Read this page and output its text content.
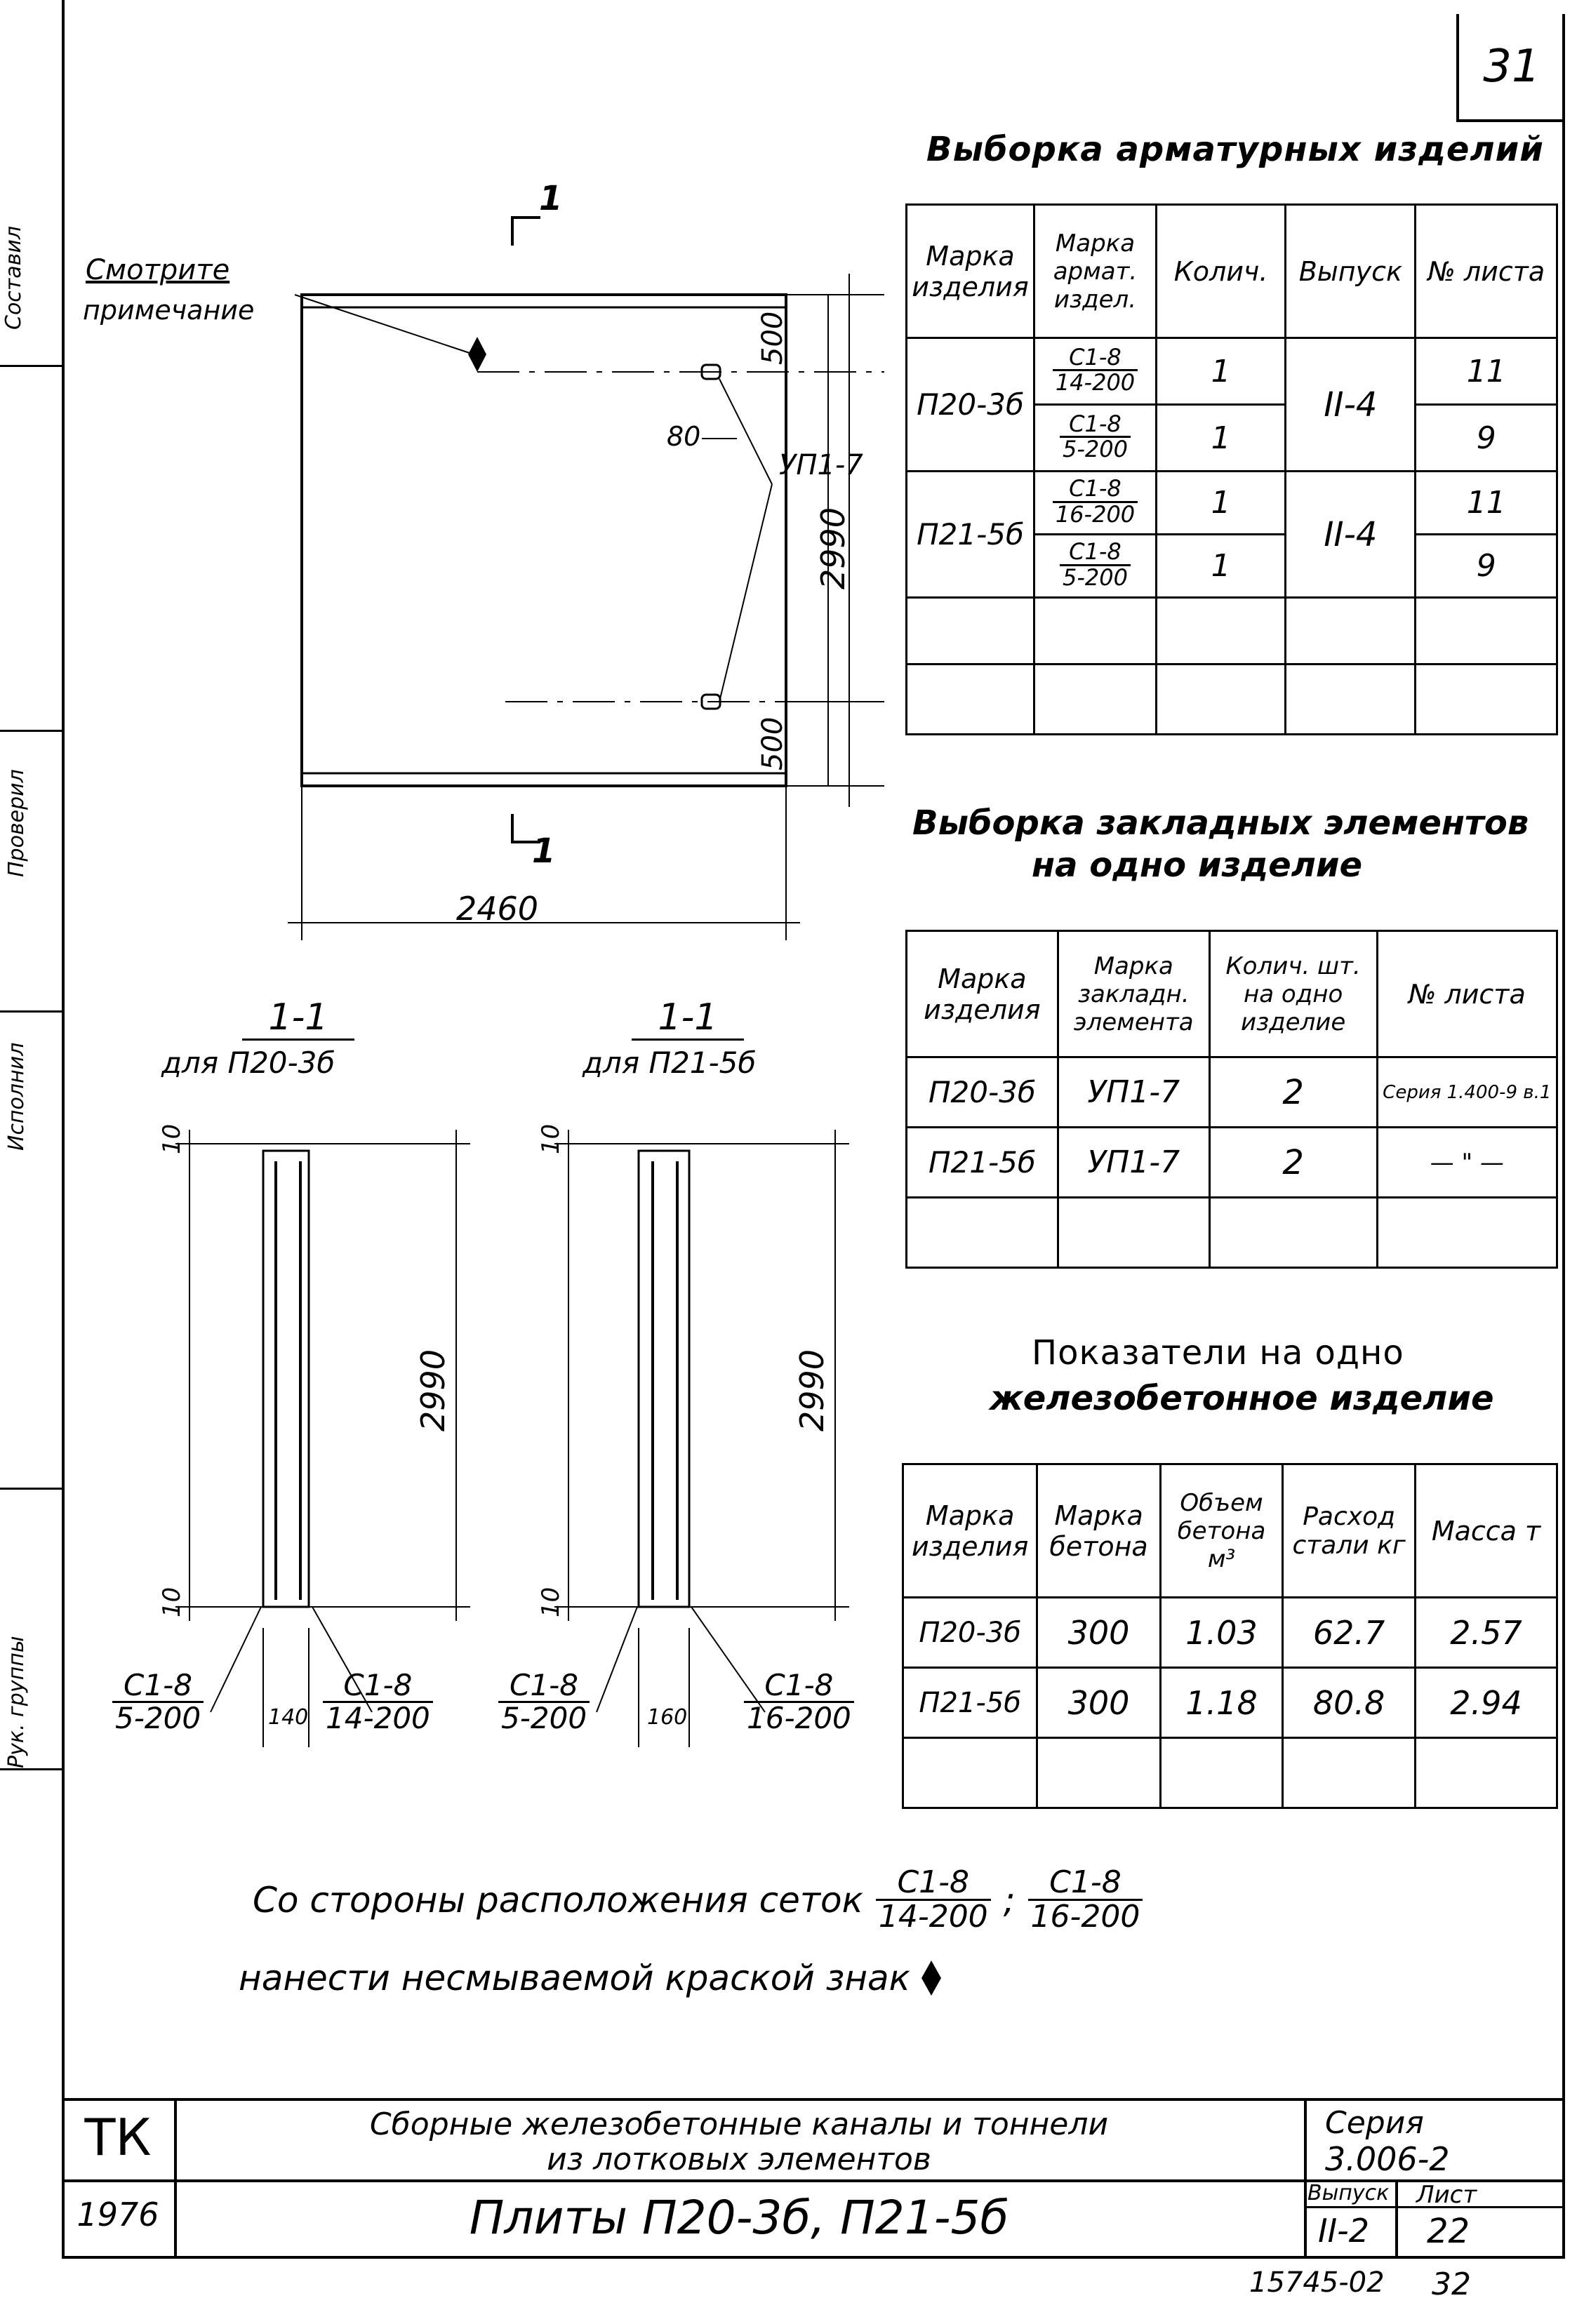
Составил
Проверил
Исполнил
Рук. группы
31
Смотрите
примечание
1
1
2460
2990
500
500
80
УП1-7
1-1
для П20-3б
1-1
для П21-5б
10
10
2990
140
С1-8
5-200
С1-8
14-200
10
10
2990
160
С1-8
5-200
С1-8
16-200
Выборка арматурных изделий
Марка изделия	Марка армат. издел.	Колич.	Выпуск	№ листа
П20-3б	$\frac{С1-8}{14-200}$	1	II-4	11

	$\frac{С1-8}{5-200}$	1		9
П21-5б	$\frac{С1-8}{16-200}$	1	II-4	11

	$\frac{С1-8}{5-200}$	1		9

Выборка закладных элементов
на одно изделие
Марка изделия	Марка закладн. элемента	Колич. шт. на одно изделие	№ листа
П20-3б	УП1-7	2	Серия 1.400-9 в.1
П21-5б	УП1-7	2	— " —

Показатели на одно
железобетонное изделие
Марка изделия	Марка бетона	Объем бетона м³	Расход стали кг	Масса т
П20-3б	300	1.03	62.7	2.57
П21-5б	300	1.18	80.8	2.94

Со стороны расположения сеток $\frac{С1-8}{14-200}$ ; $\frac{С1-8}{16-200}$
нанести несмываемой краской знак
ТК
1976
Сборные железобетонные каналы и тоннели
из лотковых элементов
Плиты П20-3б, П21-5б
Серия
3.006-2
Выпуск
II-2
Лист
22
15745-02 32
